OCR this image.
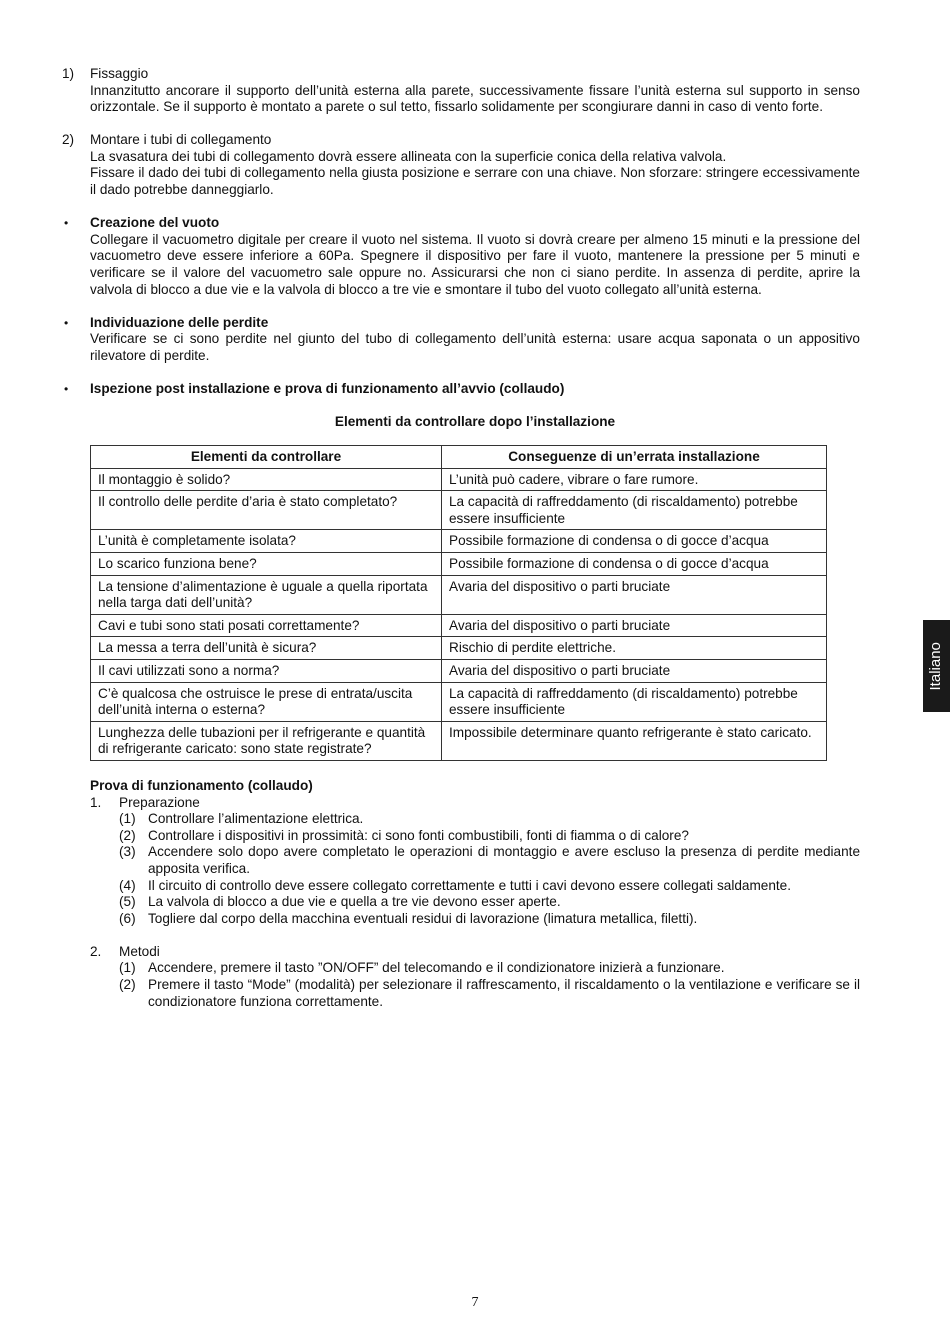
1) Fissaggio

Innanzitutto ancorare il supporto dell’unità esterna alla parete, successivamente fissare l’unità esterna sul supporto in senso orizzontale. Se il supporto è montato a parete o sul tetto, fissarlo solidamente per scongiurare danni in caso di vento forte.

2) Montare i tubi di collegamento

La svasatura dei tubi di collegamento dovrà essere allineata con la superficie conica della relativa valvola.

Fissare il dado dei tubi di collegamento nella giusta posizione e serrare con una chiave. Non sforzare: stringere eccessivamente il dado potrebbe danneggiarlo.

• Creazione del vuoto

Collegare il vacuometro digitale per creare il vuoto nel sistema. Il vuoto si dovrà creare per almeno 15 minuti e la pressione del vacuometro deve essere inferiore a 60Pa. Spegnere il dispositivo per fare il vuoto, mantenere la pressione per 5 minuti e verificare se il valore del vacuometro sale oppure no. Assicurarsi che non ci siano perdite. In assenza di perdite, aprire la valvola di blocco a due vie e la valvola di blocco a tre vie e smontare il tubo del vuoto collegato all’unità esterna.

• Individuazione delle perdite

Verificare se ci sono perdite nel giunto del tubo di collegamento dell’unità esterna: usare acqua saponata o un appositivo rilevatore di perdite.

• Ispezione post installazione e prova di funzionamento all’avvio (collaudo)
Elementi da controllare dopo l’installazione
Elementi da controllare	Conseguenze di un’errata installazione
Il montaggio è solido?	L’unità può cadere, vibrare o fare rumore.
Il controllo delle perdite d’aria è stato completato?	La capacità di raffreddamento (di riscaldamento) potrebbe essere insufficiente
L’unità è completamente isolata?	Possibile formazione di condensa o di gocce d’acqua
Lo scarico funziona bene?	Possibile formazione di condensa o di gocce d’acqua
La tensione d’alimentazione è uguale a quella riportata nella targa dati dell’unità?	Avaria del dispositivo o parti bruciate
Cavi e tubi sono stati posati correttamente?	Avaria del dispositivo o parti bruciate
La messa a terra dell’unità è sicura?	Rischio di perdite elettriche.
Il cavi utilizzati sono a norma?	Avaria del dispositivo o parti bruciate
C’è qualcosa che ostruisce le prese di entrata/uscita dell’unità interna o esterna?	La capacità di raffreddamento (di riscaldamento) potrebbe essere insufficiente
Lunghezza delle tubazioni per il refrigerante e quantità di refrigerante caricato: sono state registrate?	Impossibile determinare quanto refrigerante è stato caricato.
Prova di funzionamento (collaudo)
1. Preparazione
(1) Controllare l’alimentazione elettrica.

(2) Controllare i dispositivi in prossimità: ci sono fonti combustibili, fonti di fiamma o di calore?

(3) Accendere solo dopo avere completato le operazioni di montaggio e avere escluso la presenza di perdite mediante apposita verifica.

(4) Il circuito di controllo deve essere collegato correttamente e tutti i cavi devono essere collegati saldamente.

(5) La valvola di blocco a due vie e quella a tre vie devono esser aperte.

(6) Togliere dal corpo della macchina eventuali residui di lavorazione (limatura metallica, filetti).

2. Metodi
(1) Accendere, premere il tasto ”ON/OFF” del telecomando e il condizionatore inizierà a funzionare.

(2) Premere il tasto “Mode” (modalità) per selezionare il raffrescamento, il riscaldamento o la ventilazione e verificare se il condizionatore funziona correttamente.

Italiano
7
